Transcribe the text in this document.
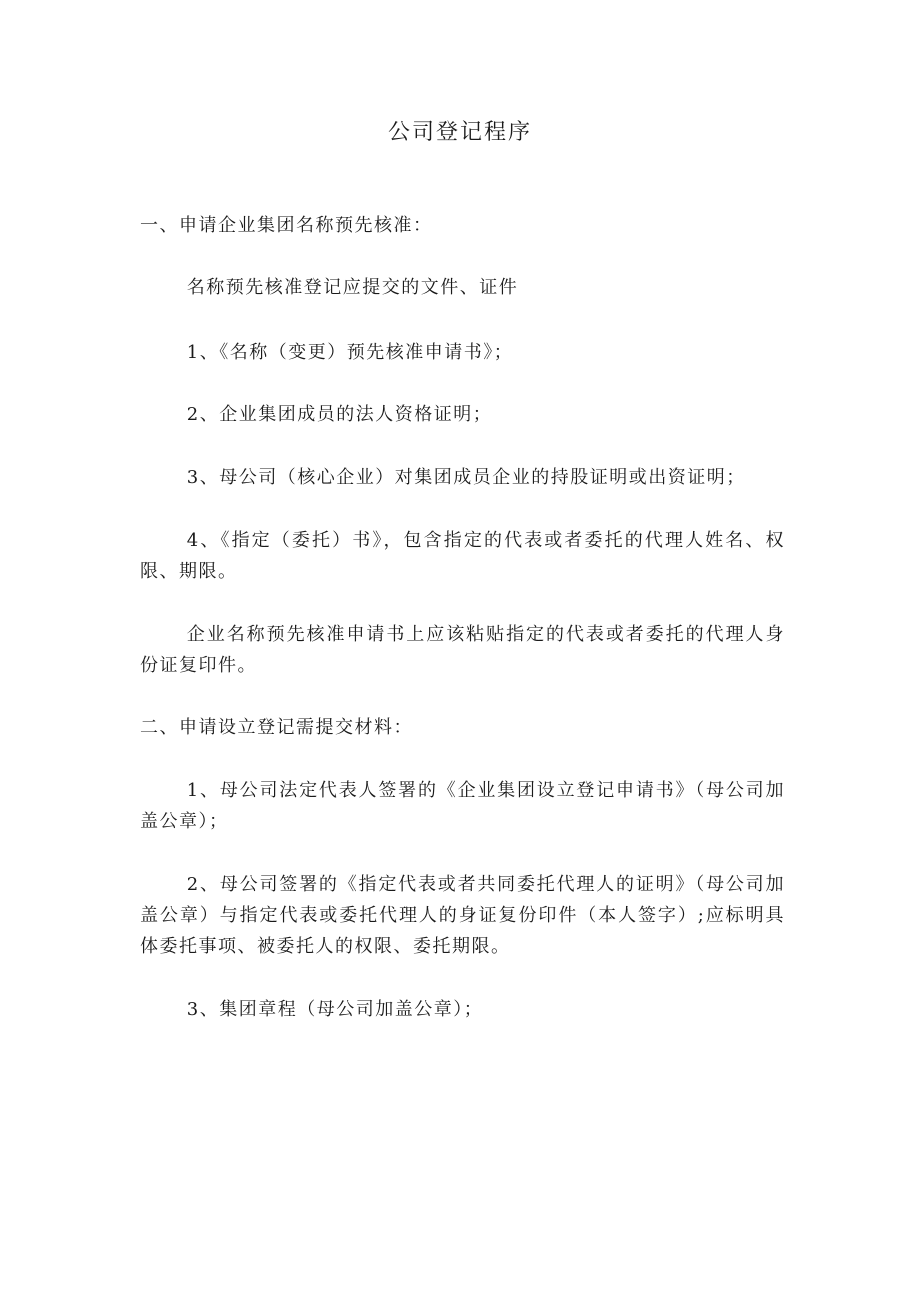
公司登记程序

一、申请企业集团名称预先核准：

名称预先核准登记应提交的文件、证件

1、《名称（变更）预先核准申请书》；

2、企业集团成员的法人资格证明；

3、母公司（核心企业）对集团成员企业的持股证明或出资证明；

4、《指定（委托）书》，包含指定的代表或者委托的代理人姓名、权限、期限。

企业名称预先核准申请书上应该粘贴指定的代表或者委托的代理人身份证复印件。

二、申请设立登记需提交材料：

1、母公司法定代表人签署的《企业集团设立登记申请书》（母公司加盖公章）；

2、母公司签署的《指定代表或者共同委托代理人的证明》（母公司加盖公章）与指定代表或委托代理人的身证复份印件（本人签字）;应标明具体委托事项、被委托人的权限、委托期限。

3、集团章程（母公司加盖公章）；
